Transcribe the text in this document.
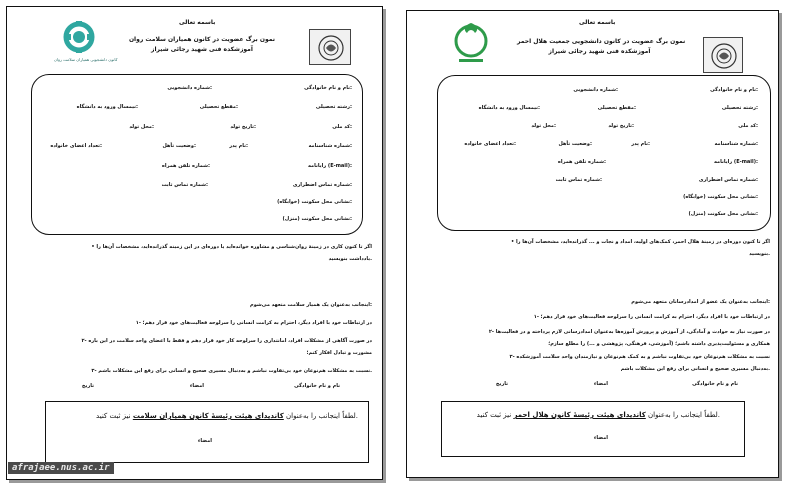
باسمه تعالی
نمون برگ عضویت در کانون همیاران سلامت روان
آموزشکده فنی شهید رجائی شیراز
کانون دانشجویی همیاران سلامت روان
نام و نام خانوادگی:
شماره دانشجویی:
رشته تحصیلی:
مقطع تحصیلی:
نیمسال ورود به دانشگاه:
کد ملی:
تاریخ تولد:
محل تولد:
شماره شناسنامه:
نام پدر:
وضعیت تأهل:
تعداد اعضای خانواده:
رایانامه (E-mail):
شماره تلفن همراه:
شماره تماس اضطراری:
شماره تماس ثابت:
نشانی محل سکونت (خوابگاه):
نشانی محل سکونت (منزل):
• اگر تا کنون کاری در زمینهٔ روان‌شناسی و مشاوره خوانده‌اید یا دوره‌ای در این زمینه گذرانده‌اید، مشخصات آن‌ها را
یادداشت بنویسید.
اینجانب به‌عنوان یک همیار سلامت متعهد می‌شوم:
۱- در ارتباطات خود با افراد دیگر، احترام به کرامت انسانی را سرلوحه فعالیت‌های خود قرار دهم؛
۲- در صورت آگاهی از مشکلات افراد، امانتداری را سرلوحه کار خود قرار دهم و فقط با اعضای واحد سلامت در این باره
مشورت و تبادل افکار کنم؛
۳- نسبت به مشکلات هم‌نوعان خود بی‌تفاوت نباشم و به‌دنبال مسیری صحیح و انسانی برای رفع این مشکلات باشم.
نام و نام خانوادگی
امضاء
تاریخ
لطفاً اینجانب را به‌عنوان کاندیدای هیئت رئیسهٔ کانون همیاران سلامت نیز ثبت کنید.
امضاء
باسمه تعالی
نمون برگ عضویت در کانون دانشجویی جمعیت هلال احمر
آموزشکده فنی شهید رجائی شیراز
نام و نام خانوادگی:
شماره دانشجویی:
رشته تحصیلی:
مقطع تحصیلی:
نیمسال ورود به دانشگاه:
کد ملی:
تاریخ تولد:
محل تولد:
شماره شناسنامه:
نام پدر:
وضعیت تأهل:
تعداد اعضای خانواده:
رایانامه (E-mail):
شماره تلفن همراه:
شماره تماس اضطراری:
شماره تماس ثابت:
نشانی محل سکونت (خوابگاه):
نشانی محل سکونت (منزل):
• اگر تا کنون دوره‌ای در زمینهٔ هلال احمر، کمک‌های اولیه، امداد و نجات و ... گذرانده‌اید، مشخصات آن‌ها را
بنویسید.
اینجانب به‌عنوان یک عضو از امدادرسانان متعهد می‌شوم:
۱- در ارتباطات خود با افراد دیگر، احترام به کرامت انسانی را سرلوحه فعالیت‌های خود قرار دهم؛
۲- در صورت نیاز به حوادث و آمادگی، از آموزش و پرورش آموزه‌ها به‌عنوان امدادرسانی لازم پرداخته و در فعالیت‌ها
همکاری و مسئولیت‌پذیری داشته باشم؛ (آموزشی، فرهنگی، پژوهشی و ...) را مطلع سازم؛
۳- نسبت به مشکلات هم‌نوعان خود بی‌تفاوت نباشم و به کمک هم‌نوعان و نیازمندان واحد سلامت آموزشکده
به‌دنبال مسیری صحیح و انسانی برای رفع این مشکلات باشم.
نام و نام خانوادگی
امضاء
تاریخ
لطفاً اینجانب را به‌عنوان کاندیدای هیئت رئیسهٔ کانون هلال احمر نیز ثبت کنید.
امضاء
afrajaee.nus.ac.ir
